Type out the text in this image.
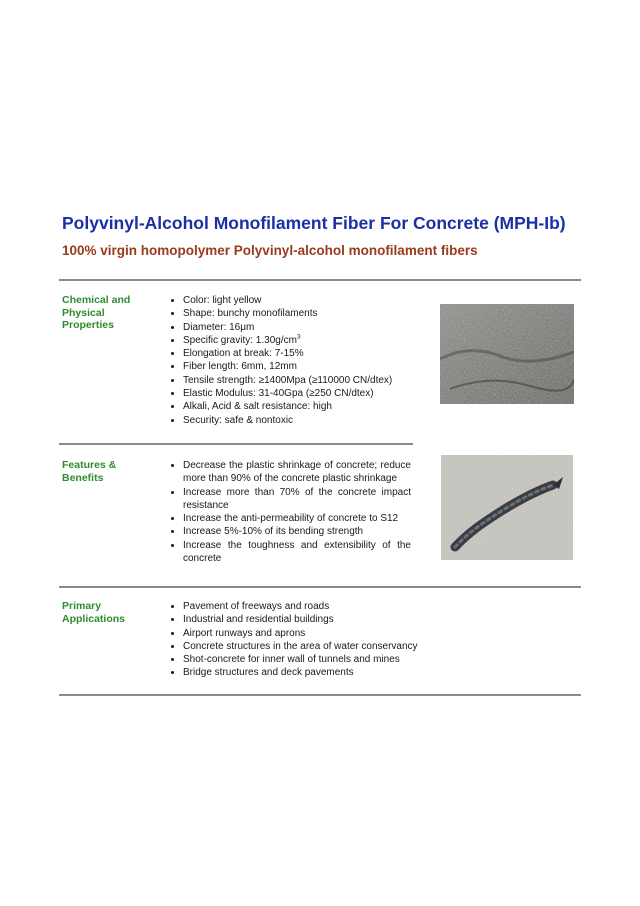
Polyvinyl-Alcohol Monofilament Fiber For Concrete (MPH-Ib)
100% virgin homopolymer Polyvinyl-alcohol monofilament fibers
Chemical and
Physical
Properties
• Color: light yellow
• Shape: bunchy monofilaments
• Diameter: 16μm
• Specific gravity: $1.30g/cm^3$
• Elongation at break: 7-15%
• Fiber length: 6mm, 12mm
• Tensile strength: ≥1400Mpa (≥110000 CN/dtex)
• Elastic Modulus: 31-40Gpa (≥250 CN/dtex)
• Alkali, Acid & salt resistance: high
• Security: safe & nontoxic
Features &
Benefits
• Decrease the plastic shrinkage of concrete; reduce more than 90% of the concrete plastic shrinkage
• Increase more than 70% of the concrete impact resistance
• Increase the anti-permeability of concrete to S12
• Increase 5%-10% of its bending strength
• Increase the toughness and extensibility of the concrete
Primary
Applications
• Pavement of freeways and roads
• Industrial and residential buildings
• Airport runways and aprons
• Concrete structures in the area of water conservancy
• Shot-concrete for inner wall of tunnels and mines
• Bridge structures and deck pavements
